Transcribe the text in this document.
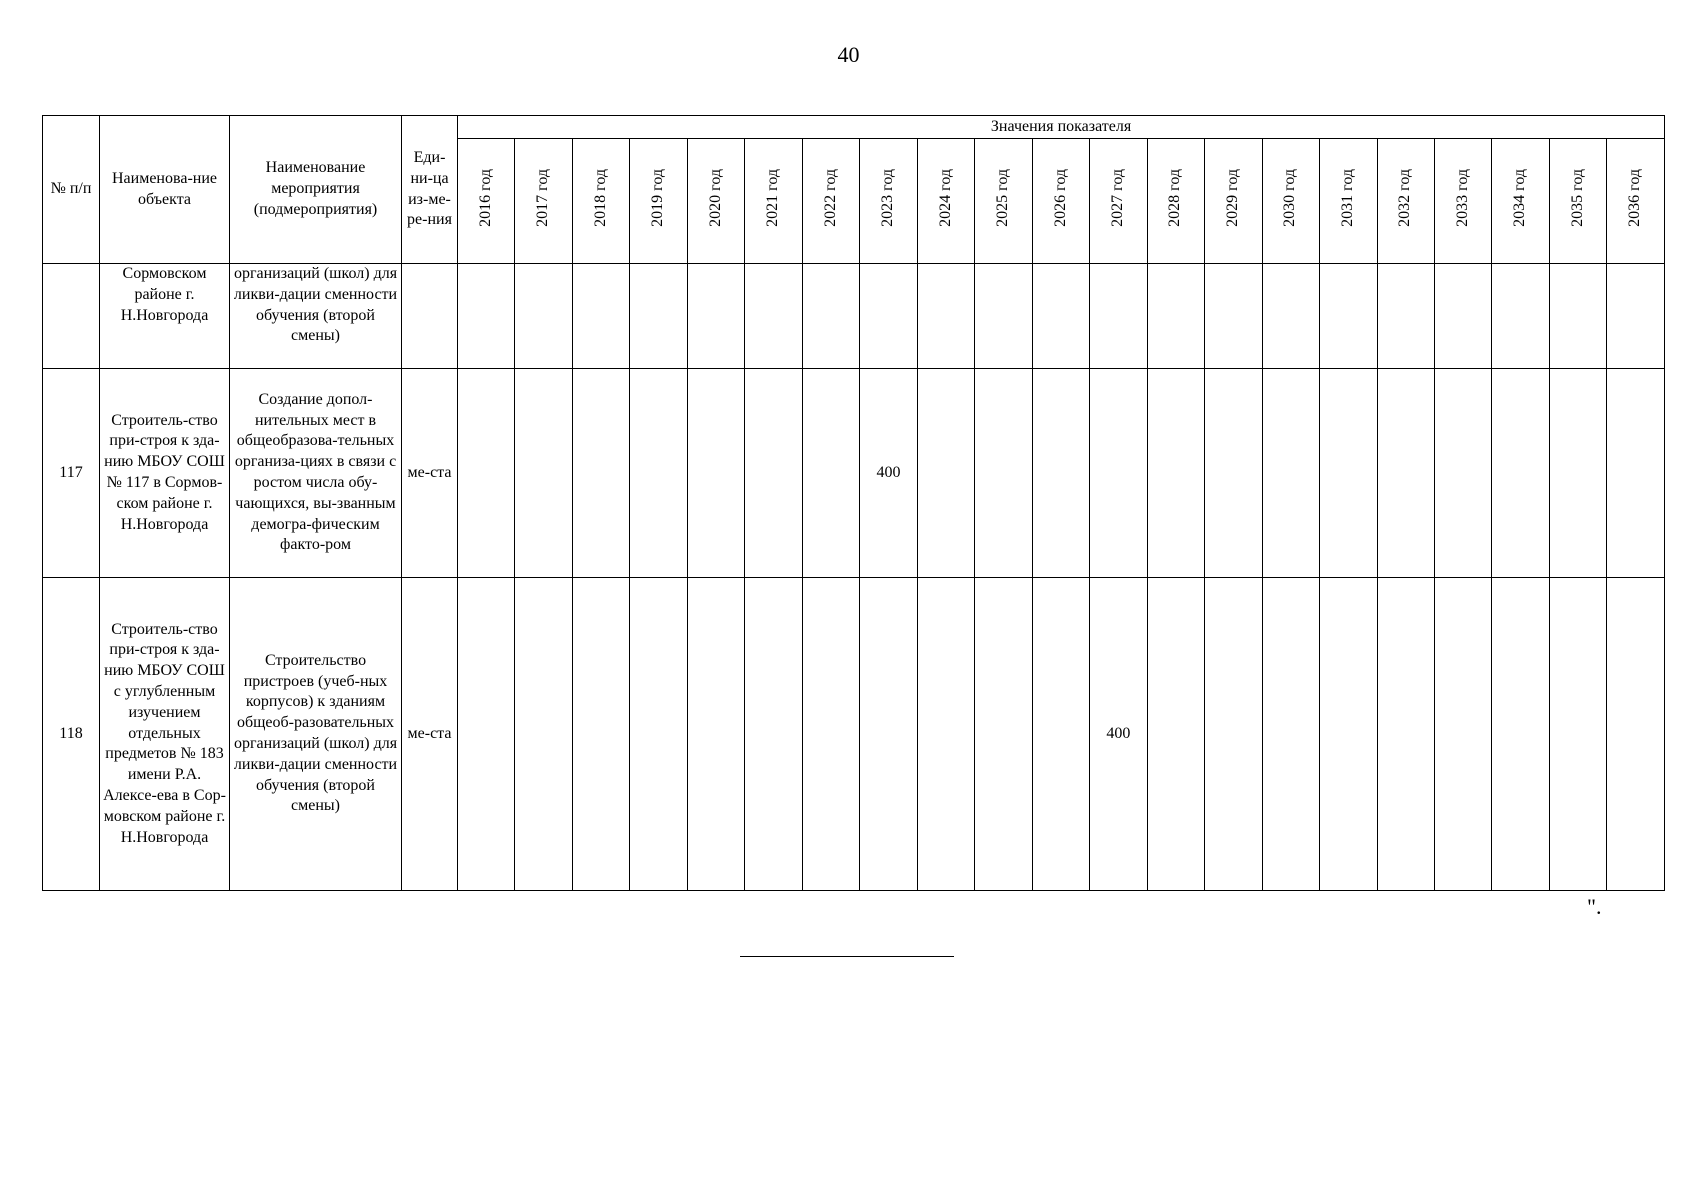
40
№ п/п	Наименова-ние объекта	Наименование мероприятия (подмероприятия)	Еди-ни-ца из-ме-ре-ния	Значения показателя																				
				2016 год	2017 год	2018 год	2019 год	2020 год	2021 год	2022 год	2023 год	2024 год	2025 год	2026 год	2027 год	2028 год	2029 год	2030 год	2031 год	2032 год	2033 год	2034 год	2035 год	2036 год
	Сормовском районе г. Н.Новгорода	организаций (школ) для ликви-дации сменности обучения (второй смены)																						
117	Строитель-ство при-строя к зда-нию МБОУ СОШ № 117 в Сормов-ском районе г. Н.Новгорода	Создание допол-нительных мест в общеобразова-тельных организа-циях в связи с ростом числа обу-чающихся, вы-званным демогра-фическим факто-ром	ме-ста								400													
118	Строитель-ство при-строя к зда-нию МБОУ СОШ с углубленным изучением отдельных предметов № 183 имени Р.А. Алексе-ева в Сор-мовском районе г. Н.Новгорода	Строительство пристроев (учеб-ных корпусов) к зданиям общеоб-разовательных организаций (школ) для ликви-дации сменности обучения (второй смены)	ме-ста												400									
".
